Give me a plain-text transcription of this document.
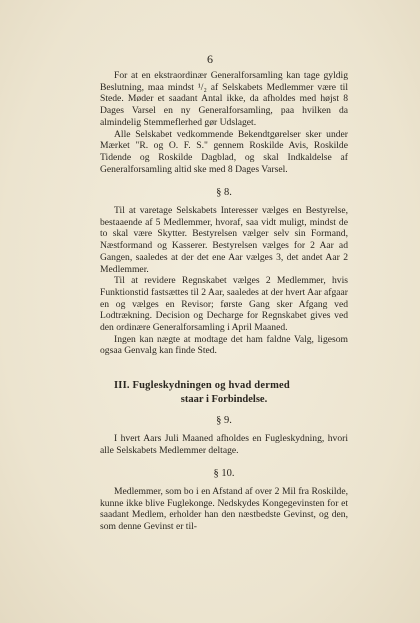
6

For at en ekstraordinær Generalforsamling kan tage gyldig Beslutning, maa mindst ¹/₂ af Selskabets Medlemmer være til Stede. Møder et saadant Antal ikke, da afholdes med højst 8 Dages Varsel en ny Generalforsamling, paa hvilken da almindelig Stemmeflerhed gør Udslaget.

Alle Selskabet vedkommende Bekendtgørelser sker under Mærket "R. og O. F. S." gennem Roskilde Avis, Roskilde Tidende og Roskilde Dagblad, og skal Indkaldelse af Generalforsamling altid ske med 8 Dages Varsel.

§ 8.

Til at varetage Selskabets Interesser vælges en Bestyrelse, bestaaende af 5 Medlemmer, hvoraf, saa vidt muligt, mindst de to skal være Skytter. Bestyrelsen vælger selv sin Formand, Næstformand og Kasserer. Bestyrelsen vælges for 2 Aar ad Gangen, saaledes at der det ene Aar vælges 3, det andet Aar 2 Medlemmer.

Til at revidere Regnskabet vælges 2 Medlemmer, hvis Funktionstid fastsættes til 2 Aar, saaledes at der hvert Aar afgaar en og vælges en Revisor; første Gang sker Afgang ved Lodtrækning. Decision og Decharge for Regnskabet gives ved den ordinære Generalforsamling i April Maaned.

Ingen kan nægte at modtage det ham faldne Valg, ligesom ogsaa Genvalg kan finde Sted.

III. Fugleskydningen og hvad dermed
staar i Forbindelse.
§ 9.

I hvert Aars Juli Maaned afholdes en Fugleskydning, hvori alle Selskabets Medlemmer deltage.

§ 10.

Medlemmer, som bo i en Afstand af over 2 Mil fra Roskilde, kunne ikke blive Fuglekonge. Nedskydes Kongegevinsten for et saadant Medlem, erholder han den næstbedste Gevinst, og den, som denne Gevinst er til-
